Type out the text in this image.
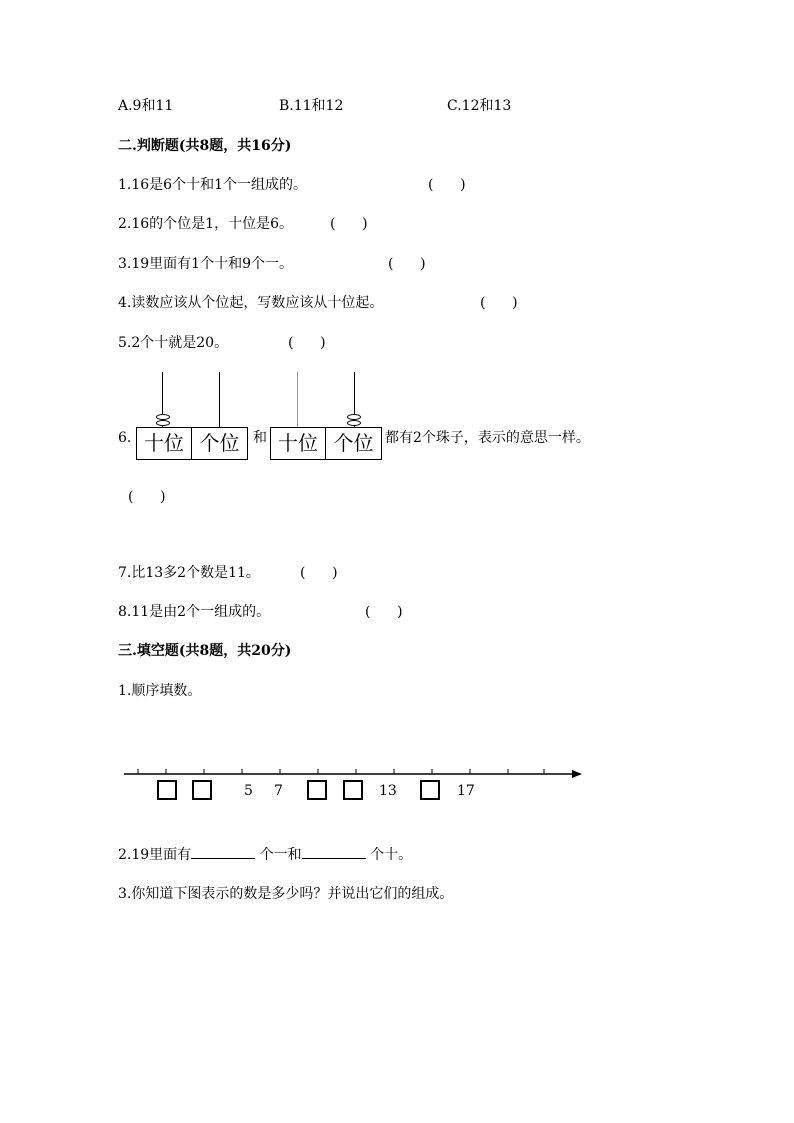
A.9和11	B.11和12	C.12和13
二.判断题(共8题，共16分)
1.16是6个十和1个一组成的。	(      )
2.16的个位是1，十位是6。	(      )
3.19里面有1个十和9个一。	(      )
4.读数应该从个位起，写数应该从十位起。	(      )
5.2个十就是20。	(      )
6. 十位 个位 和 十位 个位 都有2个珠子，表示的意思一样。
(      )
7.比13多2个数是11。	(      )
8.11是由2个一组成的。	(      )
三.填空题(共8题，共20分)
1.顺序填数。
5 7	13	17
2.19里面有	个一和	个十。
3.你知道下图表示的数是多少吗？并说出它们的组成。
